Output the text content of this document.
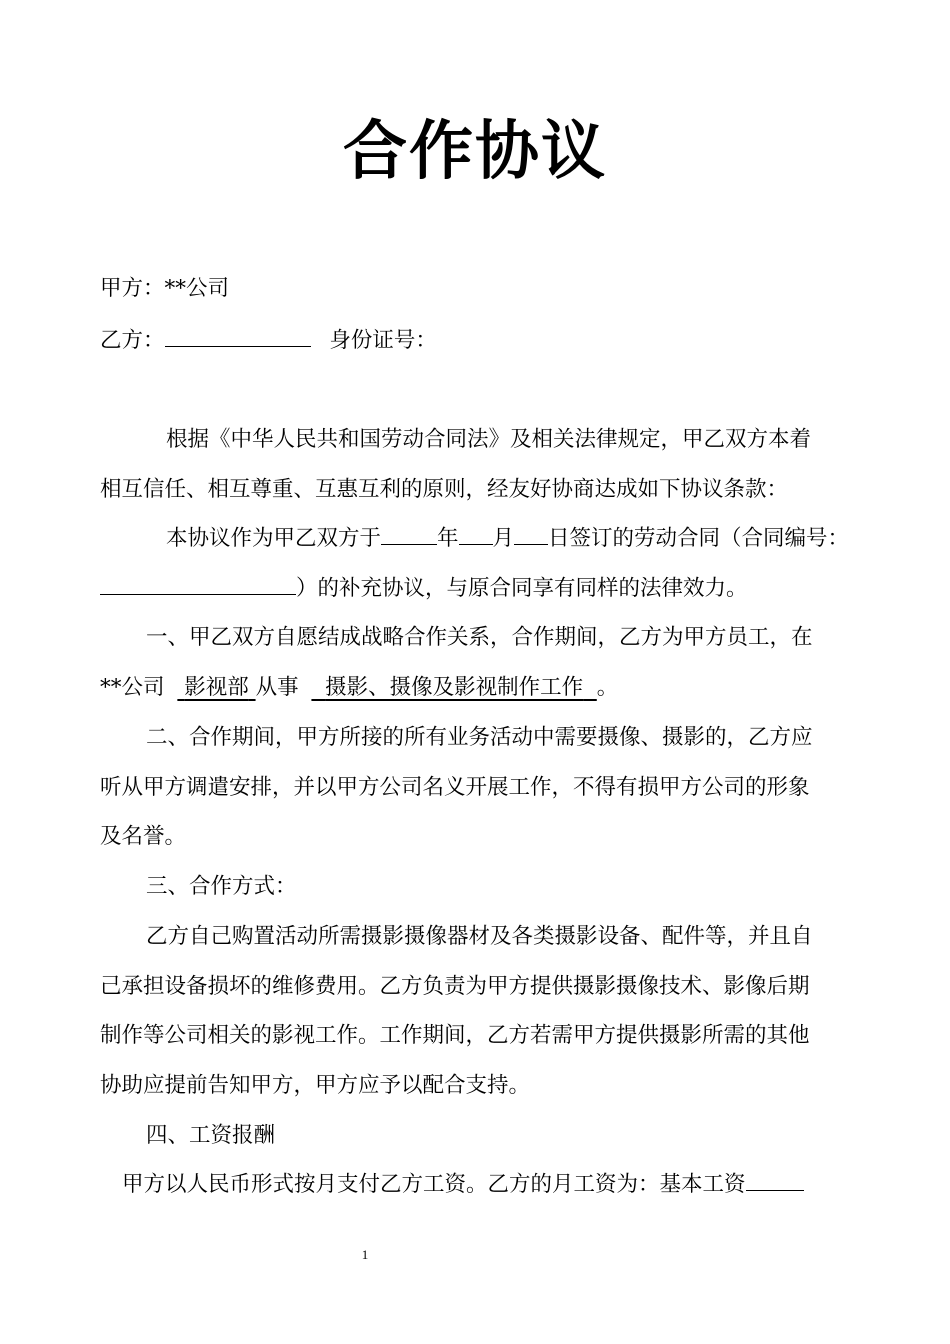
合作协议
甲方：**公司
乙方：	身份证号：
根据《中华人民共和国劳动合同法》及相关法律规定，甲乙双方本着
相互信任、相互尊重、互惠互利的原则，经友好协商达成如下协议条款：
本协议作为甲乙双方于	年 月 日签订的劳动合同（合同编号：
）的补充协议，与原合同享有同样的法律效力。
一、甲乙双方自愿结成战略合作关系，合作期间，乙方为甲方员工，在
**公司 影视部 从事 摄影、摄像及影视制作工作 。
二、合作期间，甲方所接的所有业务活动中需要摄像、摄影的，乙方应
听从甲方调遣安排，并以甲方公司名义开展工作，不得有损甲方公司的形象
及名誉。
三、合作方式：
乙方自己购置活动所需摄影摄像器材及各类摄影设备、配件等，并且自
己承担设备损坏的维修费用。乙方负责为甲方提供摄影摄像技术、影像后期
制作等公司相关的影视工作。工作期间，乙方若需甲方提供摄影所需的其他
协助应提前告知甲方，甲方应予以配合支持。
四、工资报酬
甲方以人民币形式按月支付乙方工资。乙方的月工资为：基本工资
1
